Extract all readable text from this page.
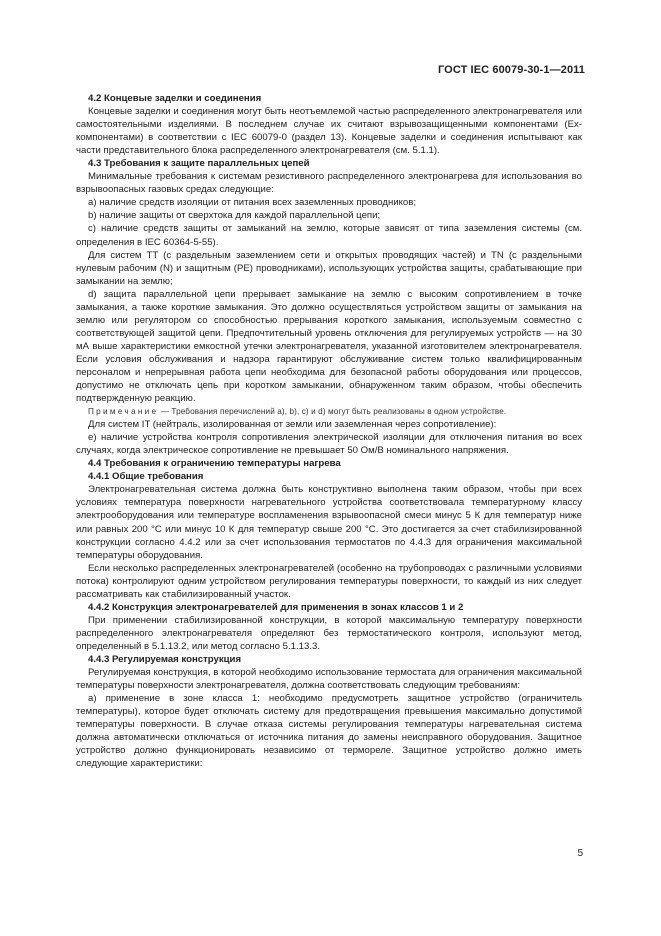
ГОСТ IEC 60079-30-1—2011

4.2 Концевые заделки и соединения

Концевые заделки и соединения могут быть неотъемлемой частью распределенного электронагревателя или самостоятельными изделиями. В последнем случае их считают взрывозащищенными компонентами (Ex-компонентами) в соответствии с IEC 60079-0 (раздел 13). Концевые заделки и соединения испытывают как части представительного блока распределенного электронагревателя (см. 5.1.1).

4.3 Требования к защите параллельных цепей

Минимальные требования к системам резистивного распределенного электронагрева для использования во взрывоопасных газовых средах следующие:

a) наличие средств изоляции от питания всех заземленных проводников;

b) наличие защиты от сверхтока для каждой параллельной цепи;

c) наличие средств защиты от замыканий на землю, которые зависят от типа заземления системы (см. определения в IEC 60364-5-55).

Для систем TT (с раздельным заземлением сети и открытых проводящих частей) и TN (с раздельными нулевым рабочим (N) и защитным (PE) проводниками), использующих устройства защиты, срабатывающие при замыкании на землю;

d) защита параллельной цепи прерывает замыкание на землю с высоким сопротивлением в точке замыкания, а также короткие замыкания. Это должно осуществляться устройством защиты от замыкания на землю или регулятором со способностью прерывания короткого замыкания, используемым совместно с соответствующей защитой цепи. Предпочтительный уровень отключения для регулируемых устройств — на 30 мА выше характеристики емкостной утечки электронагревателя, указанной изготовителем электронагревателя. Если условия обслуживания и надзора гарантируют обслуживание систем только квалифицированным персоналом и непрерывная работа цепи необходима для безопасной работы оборудования или процессов, допустимо не отключать цепь при коротком замыкании, обнаруженном таким образом, чтобы обеспечить подтвержденную реакцию.

Примечание — Требования перечислений a), b), c) и d) могут быть реализованы в одном устройстве.

Для систем IT (нейтраль, изолированная от земли или заземленная через сопротивление):

e) наличие устройства контроля сопротивления электрической изоляции для отключения питания во всех случаях, когда электрическое сопротивление не превышает 50 Ом/В номинального напряжения.

4.4 Требования к ограничению температуры нагрева

4.4.1 Общие требования

Электронагревательная система должна быть конструктивно выполнена таким образом, чтобы при всех условиях температура поверхности нагревательного устройства соответствовала температурному классу электрооборудования или температуре воспламенения взрывоопасной смеси минус 5 К для температур ниже или равных 200 °С или минус 10 К для температур свыше 200 °С. Это достигается за счет стабилизированной конструкции согласно 4.4.2 или за счет использования термостатов по 4.4.3 для ограничения максимальной температуры оборудования.

Если несколько распределенных электронагревателей (особенно на трубопроводах с различными условиями потока) контролируют одним устройством регулирования температуры поверхности, то каждый из них следует рассматривать как стабилизированный участок.

4.4.2 Конструкция электронагревателей для применения в зонах классов 1 и 2

При применении стабилизированной конструкции, в которой максимальную температуру поверхности распределенного электронагревателя определяют без термостатического контроля, используют метод, определенный в 5.1.13.2, или метод согласно 5.1.13.3.

4.4.3 Регулируемая конструкция

Регулируемая конструкция, в которой необходимо использование термостата для ограничения максимальной температуры поверхности электронагревателя, должна соответствовать следующим требованиям:

a) применение в зоне класса 1: необходимо предусмотреть защитное устройство (ограничитель температуры), которое будет отключать систему для предотвращения превышения максимально допустимой температуры поверхности. В случае отказа системы регулирования температуры нагревательная система должна автоматически отключаться от источника питания до замены неисправного оборудования. Защитное устройство должно функционировать независимо от термореле. Защитное устройство должно иметь следующие характеристики:

5
